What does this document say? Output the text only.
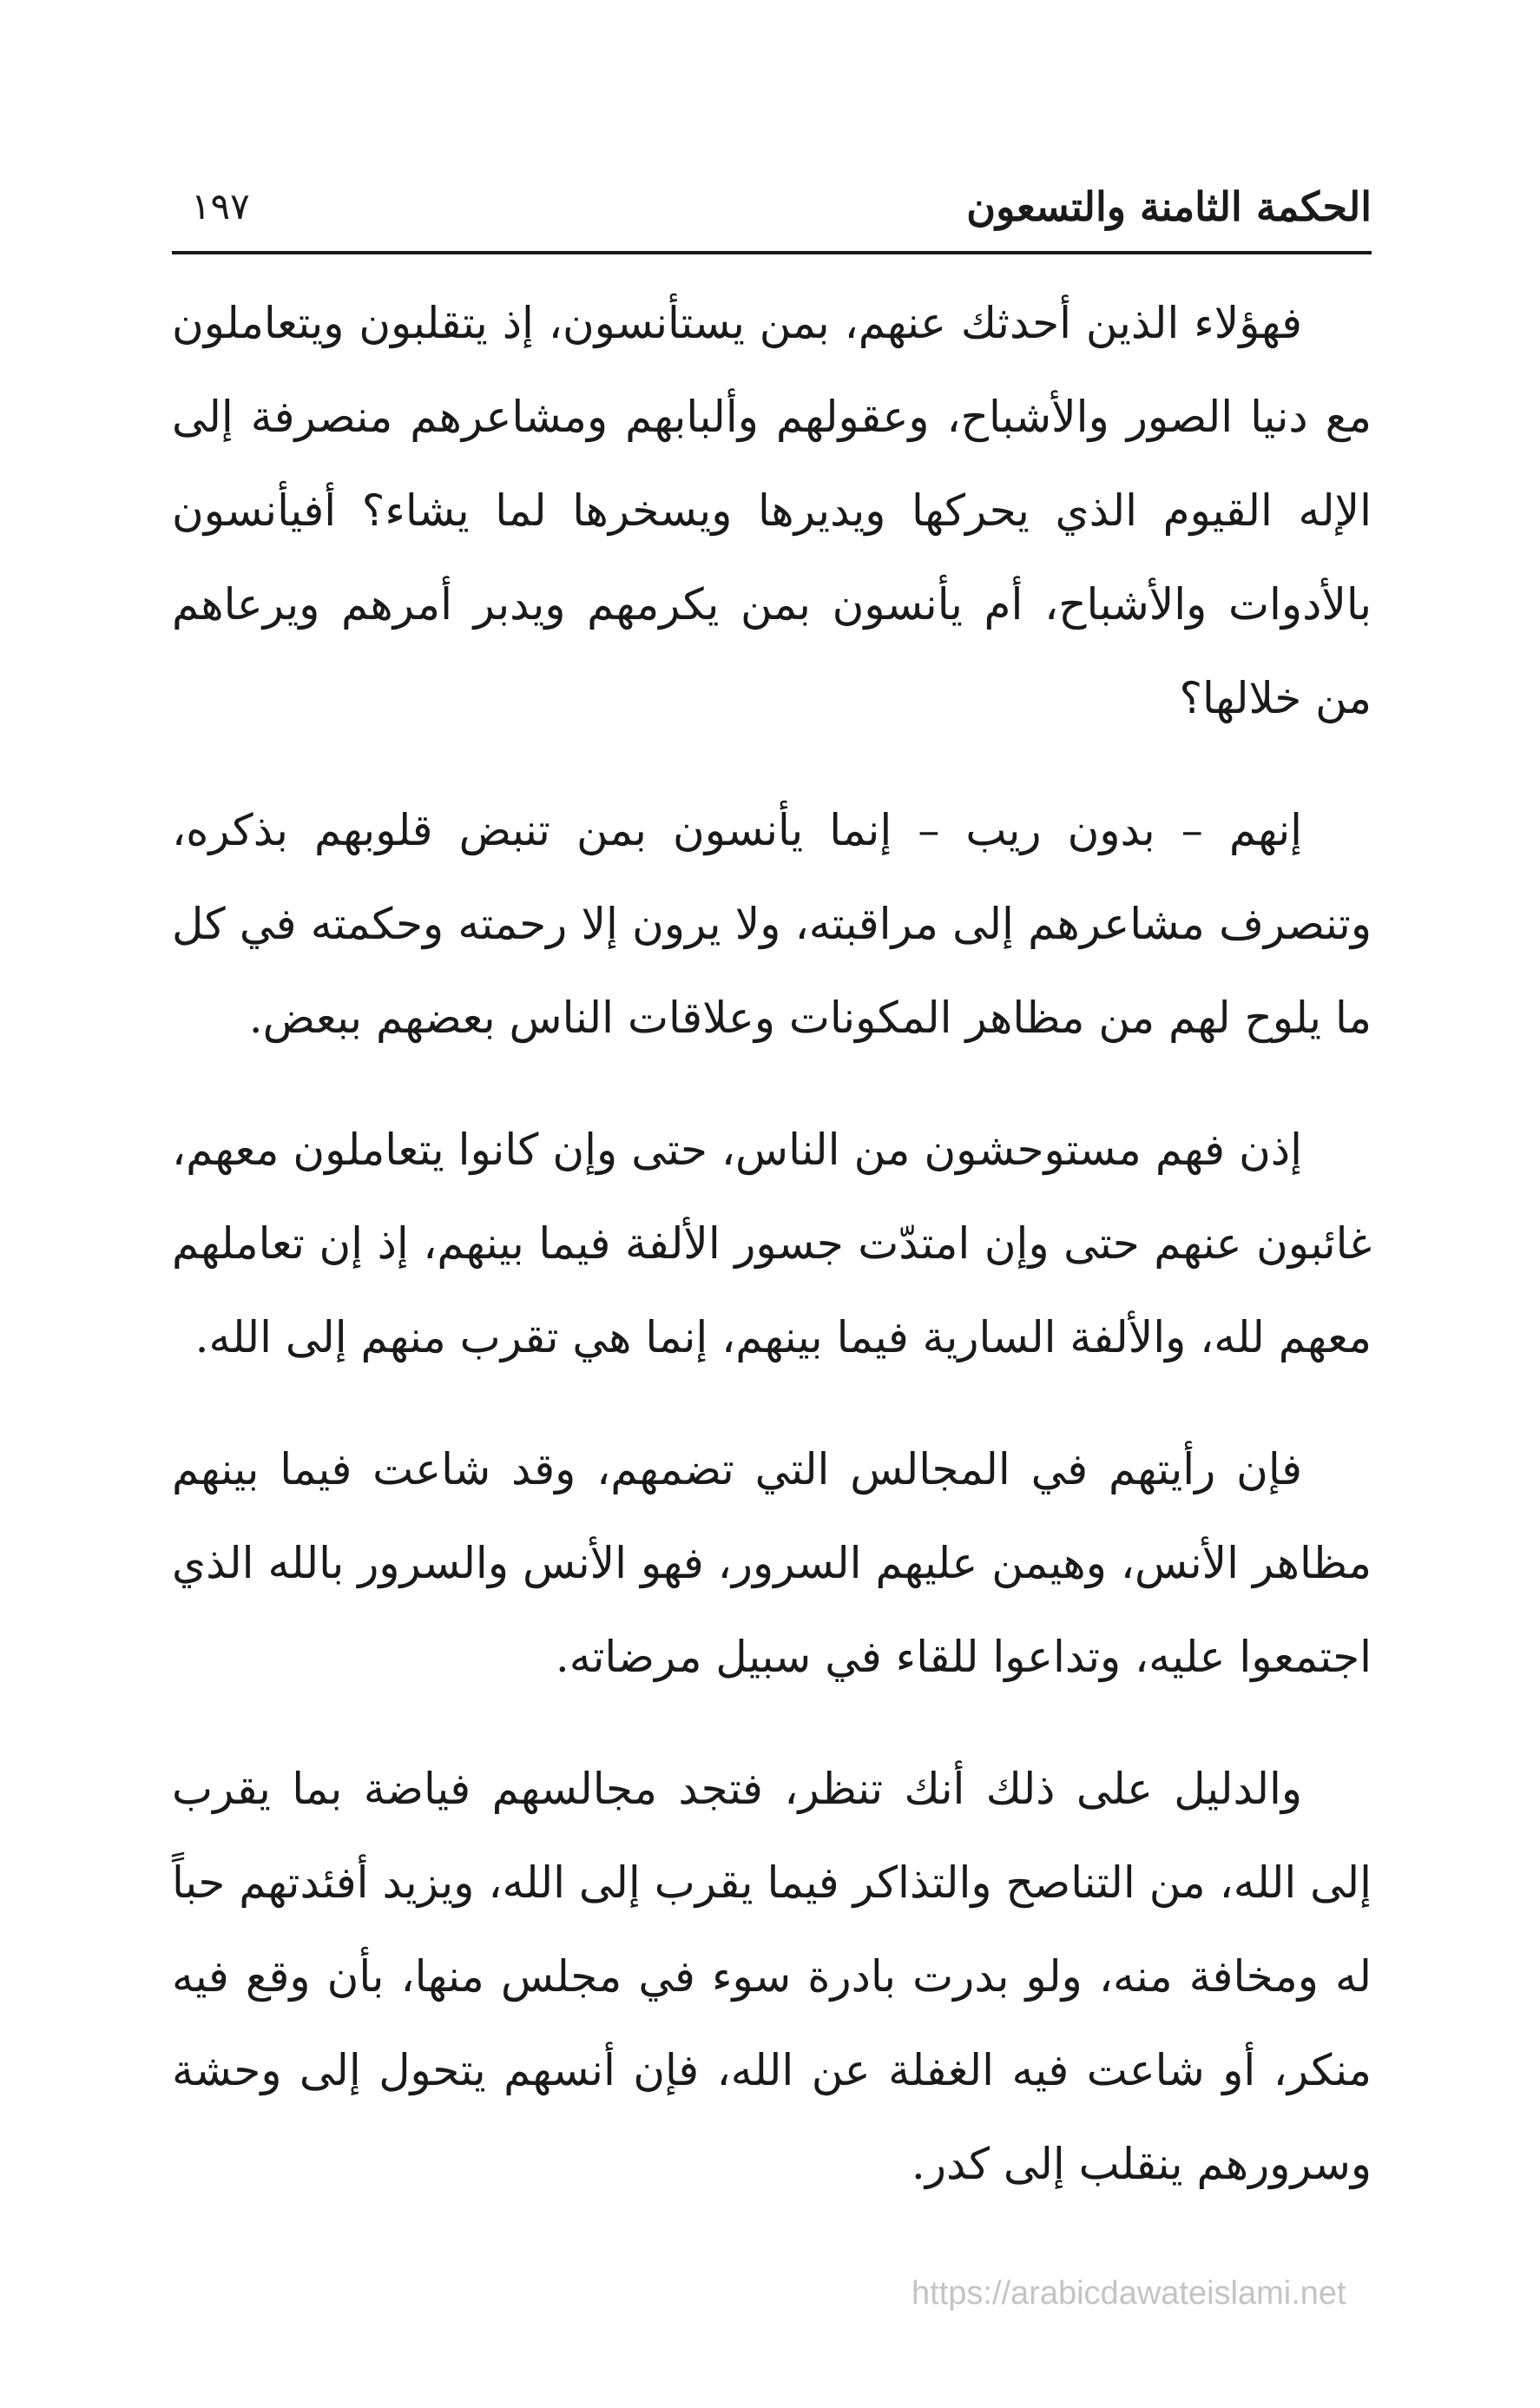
الحكمة الثامنة والتسعون
١٩٧

فهؤلاء الذين أحدثك عنهم، بمن يستأنسون، إذ يتقلبون ويتعاملون مع دنيا الصور والأشباح، وعقولهم وألبابهم ومشاعرهم منصرفة إلى الإله القيوم الذي يحركها ويديرها ويسخرها لما يشاء؟ أفيأنسون بالأدوات والأشباح، أم يأنسون بمن يكرمهم ويدبر أمرهم ويرعاهم من خلالها؟

إنهم – بدون ريب – إنما يأنسون بمن تنبض قلوبهم بذكره، وتنصرف مشاعرهم إلى مراقبته، ولا يرون إلا رحمته وحكمته في كل ما يلوح لهم من مظاهر المكونات وعلاقات الناس بعضهم ببعض.

إذن فهم مستوحشون من الناس، حتى وإن كانوا يتعاملون معهم، غائبون عنهم حتى وإن امتدّت جسور الألفة فيما بينهم، إذ إن تعاملهم معهم لله، والألفة السارية فيما بينهم، إنما هي تقرب منهم إلى الله.

فإن رأيتهم في المجالس التي تضمهم، وقد شاعت فيما بينهم مظاهر الأنس، وهيمن عليهم السرور، فهو الأنس والسرور بالله الذي اجتمعوا عليه، وتداعوا للقاء في سبيل مرضاته.

والدليل على ذلك أنك تنظر، فتجد مجالسهم فياضة بما يقرب إلى الله، من التناصح والتذاكر فيما يقرب إلى الله، ويزيد أفئدتهم حباً له ومخافة منه، ولو بدرت بادرة سوء في مجلس منها، بأن وقع فيه منكر، أو شاعت فيه الغفلة عن الله، فإن أنسهم يتحول إلى وحشة وسرورهم ينقلب إلى كدر.

https://arabicdawateislami.net
